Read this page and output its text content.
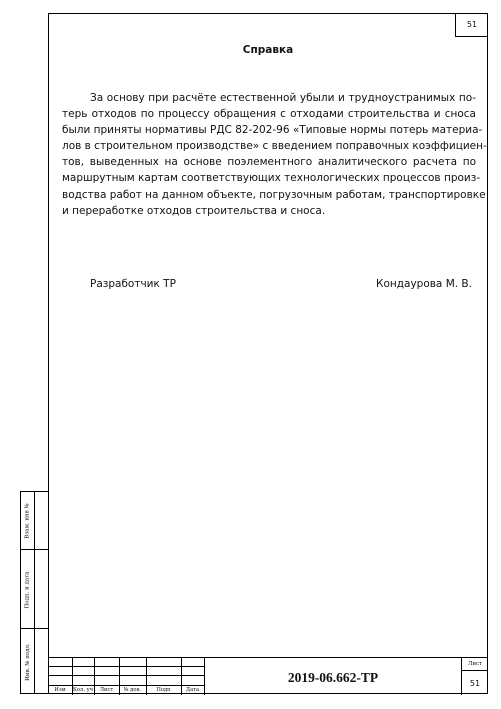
51
Справка
За основу при расчёте естественной убыли и трудноустранимых по-
терь отходов по процессу обращения с отходами строительства и сноса
были приняты нормативы РДС 82-202-96 «Типовые нормы потерь материа-
лов в строительном производстве» с введением поправочных коэффициен-
тов, выведенных на основе поэлементного аналитического расчета по
маршрутным картам соответствующих технологических процессов произ-
водства работ на данном объекте, погрузочным работам, транспортировке
и переработке отходов строительства и сноса.
Разработчик ТР	Кондаурова М. В.
Взам. инв №
Подп. и дата
Инв. № подл.
Изм	Кол. уч	Лист	№ док.	Подп	Дата
2019-06.662-ТР
Лист
51
